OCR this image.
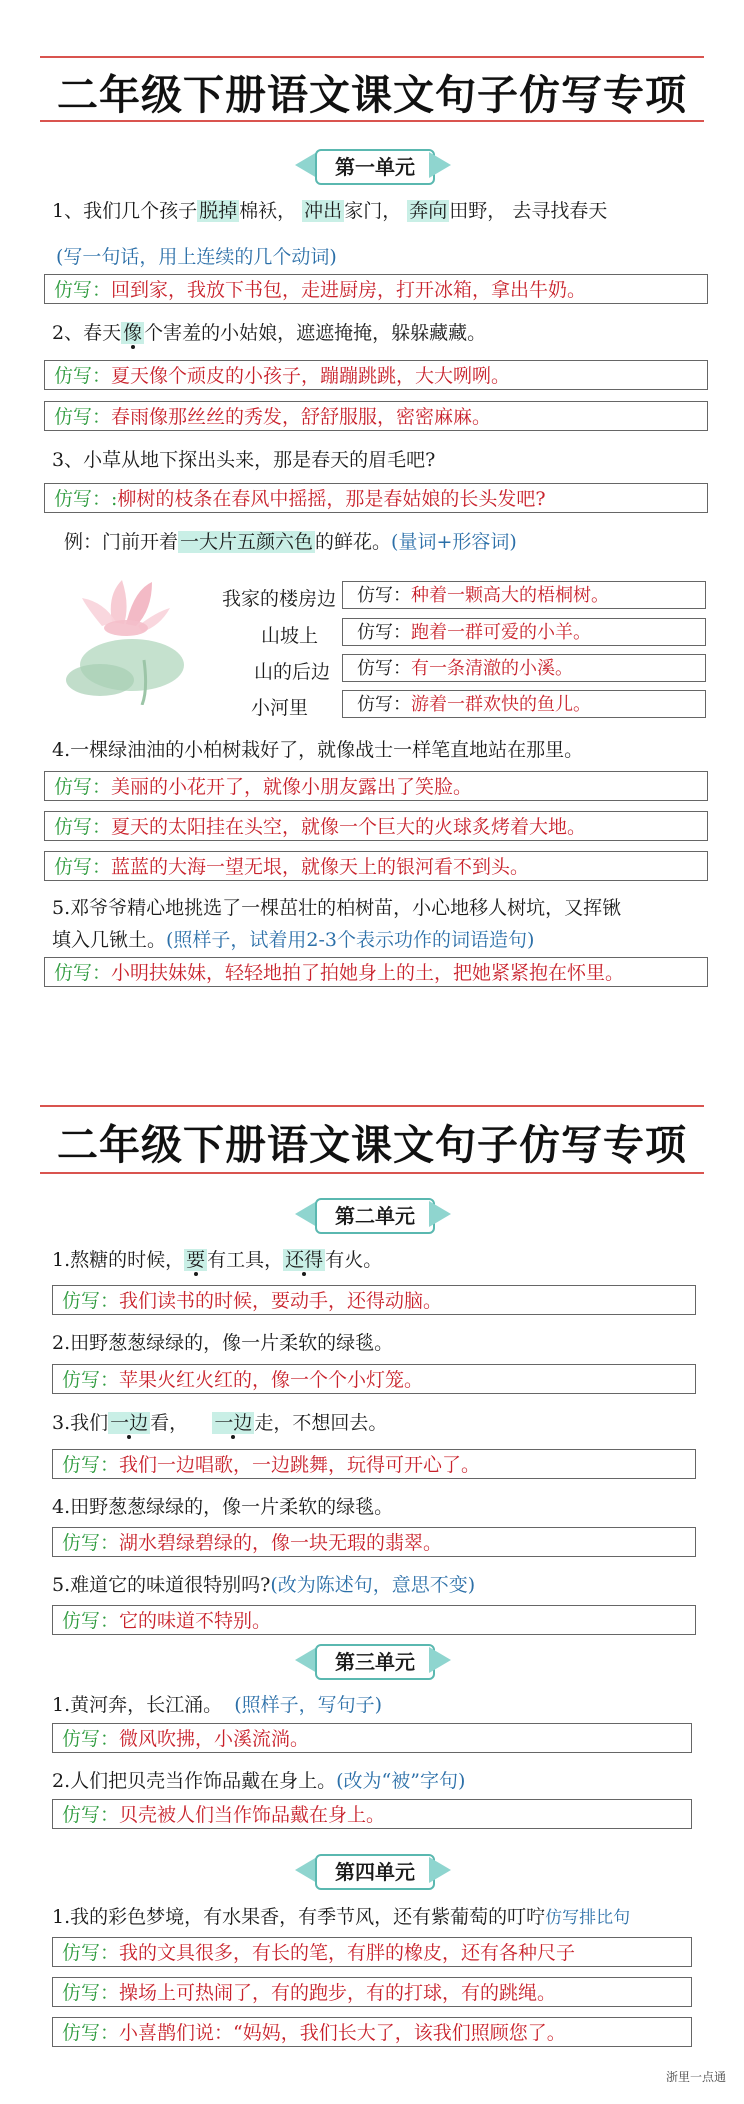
二年级下册语文课文句子仿写专项
第一单元
1、我们几个孩子 脱掉 棉袄， 冲出 家门， 奔向 田野， 去寻找春天
(写一句话，用上连续的几个动词)
仿写：回到家，我放下书包，走进厨房，打开冰箱，拿出牛奶。
2、春天 像 个害羞的小姑娘，遮遮掩掩，躲躲藏藏。
仿写：夏天像个顽皮的小孩子，蹦蹦跳跳，大大咧咧。
仿写：春雨像那丝丝的秀发，舒舒服服，密密麻麻。
3、小草从地下探出头来，那是春天的眉毛吧?
仿写：:柳树的枝条在春风中摇摇，那是春姑娘的长头发吧?
例：门前开着 一大片五颜六色 的鲜花。(量词+形容词)
我家的楼房边	仿写：种着一颗高大的梧桐树。
山坡上	仿写：跑着一群可爱的小羊。
山的后边	仿写：有一条清澈的小溪。
小河里	仿写：游着一群欢快的鱼儿。
4.一棵绿油油的小柏树栽好了，就像战士一样笔直地站在那里。
仿写：美丽的小花开了，就像小朋友露出了笑脸。
仿写：夏天的太阳挂在头空，就像一个巨大的火球炙烤着大地。
仿写：蓝蓝的大海一望无垠，就像天上的银河看不到头。
5.邓爷爷精心地挑选了一棵茁壮的柏树苗，小心地移人树坑，又挥锹
填入几锹土。(照样子，试着用2-3个表示功作的词语造句)
仿写：小明扶妹妹，轻轻地拍了拍她身上的土，把她紧紧抱在怀里。
二年级下册语文课文句子仿写专项
第二单元
1.熬糖的时候， 要 有工具， 还得 有火。
仿写：我们读书的时候，要动手，还得动脑。
2.田野葱葱绿绿的，像一片柔软的绿毯。
仿写：苹果火红火红的，像一个个小灯笼。
3.我们 一边 看， 一边 走，不想回去。
仿写：我们一边唱歌，一边跳舞，玩得可开心了。
4.田野葱葱绿绿的，像一片柔软的绿毯。
仿写：湖水碧绿碧绿的，像一块无瑕的翡翠。
5.难道它的味道很特别吗?(改为陈述句，意思不变)
仿写：它的味道不特别。
第三单元
1.黄河奔，长江涌。 (照样子，写句子)
仿写：微风吹拂，小溪流淌。
2.人们把贝壳当作饰品戴在身上。(改为“被”字句)
仿写：贝壳被人们当作饰品戴在身上。
第四单元
1.我的彩色梦境，有水果香，有季节风，还有紫葡萄的叮咛仿写排比句
仿写：我的文具很多，有长的笔，有胖的橡皮，还有各种尺子
仿写：操场上可热闹了，有的跑步，有的打球，有的跳绳。
仿写：小喜鹊们说：“妈妈，我们长大了，该我们照顾您了。
浙里一点通
